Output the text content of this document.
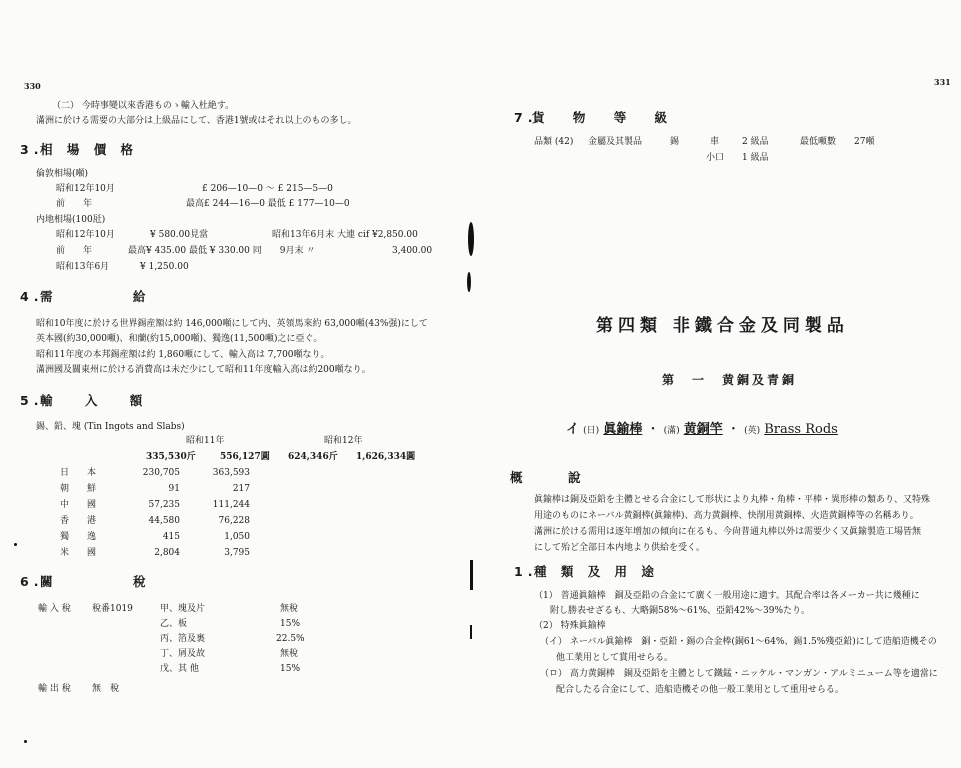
330
（二） 今時事變以來香港ものゝ輸入杜絶す。
滿洲に於ける需要の大部分は上級品にして、香港1號或はそれ以上のもの多し。
3.
相 場 價 格
倫敦相場(噸)
昭和12年10月	£ 206—10—0 ～ £ 215—5—0
前　　年	最高£ 244—16—0 最低 £ 177—10—0
内地相場(100瓩)
昭和12年10月	¥ 580.00見當	昭和13年6月末 大連 cif ¥2,850.00
前　　年	最高¥ 435.00 最低 ¥ 330.00 同　　9月末 〃	3,400.00
昭和13年6月	¥ 1,250.00
4.
需 給
昭和10年度に於ける世界錫産額は約 146,000噸にして内、英領馬來約 63,000噸(43%强)にして
英本國(約30,000噸)、和蘭(約15,000噸)、獨逸(11,500噸)之に亞ぐ。
昭和11年度の本邦錫産額は約 1,860噸にして、輸入高は 7,700噸なり。
滿洲國及關東州に於ける消費高は未だ少にして昭和11年度輸入高は約200噸なり。
5.
輸 入 額
錫、鉛、塊 (Tin Ingots and Slabs)
昭和11年	昭和12年
335,530斤	556,127圓 624,346斤 1,626,334圓
日　　本	230,705	363,593
朝　　鮮	91	217
中　　國	57,235	111,244
香　　港	44,580	76,228
獨　　逸	415	1,050
米　　國	2,804	3,795
6.
關 稅
輸 入 稅 稅番1019	甲、塊及片	無稅
乙、板	15%
丙、箔及裏	22.5%
丁、屑及故	無稅
戊、其 他	15%
輸 出 稅 無　稅
331
7.
貨 物 等 級
品類 (42) 金屬及其製品	錫	車	2 級品	最低噸數 27噸
小口 1 級品
第四類 非鐵合金及同製品
第　一　黄銅及青銅
イ (日) 眞鍮棒 ・ (滿) 黄銅竿 ・ (英) Brass Rods
概　　　說
眞鍮棒は銅及亞鉛を主體とせる合金にして形状により丸棒・角棒・平棒・異形棒の類あり、又特殊
用途のものにネーバル黄銅棒(眞鍮棒)、高力黄銅棒、快削用黄銅棒、火造黄銅棒等の名稱あり。
滿洲に於ける需用は逐年增加の傾向に在るも、今尙普通丸棒以外は需要少く又眞鍮製造工場皆無
にして殆ど全部日本内地より供給を受く。
1.
種 類 及 用 途
（1） 普通眞鍮棒　銅及亞鉛の合金にて廣く一般用途に適す。其配合率は各メーカー共に幾種に
附し勝表せざるも、大略銅58%～61%、亞鉛42%～39%たり。
（2） 特殊眞鍮棒
（イ） ネーバル眞鍮棒　銅・亞鉛・錫の合金棒(銅61～64%、錫1.5%殘亞鉛)にして造船造機その
他工業用として賞用せらる。
（ロ） 高力黄銅棒　銅及亞鉛を主體として鐵錳・ニッケル・マンガン・アルミニューム等を適當に
配合したる合金にして、造船造機その他一般工業用として重用せらる。
